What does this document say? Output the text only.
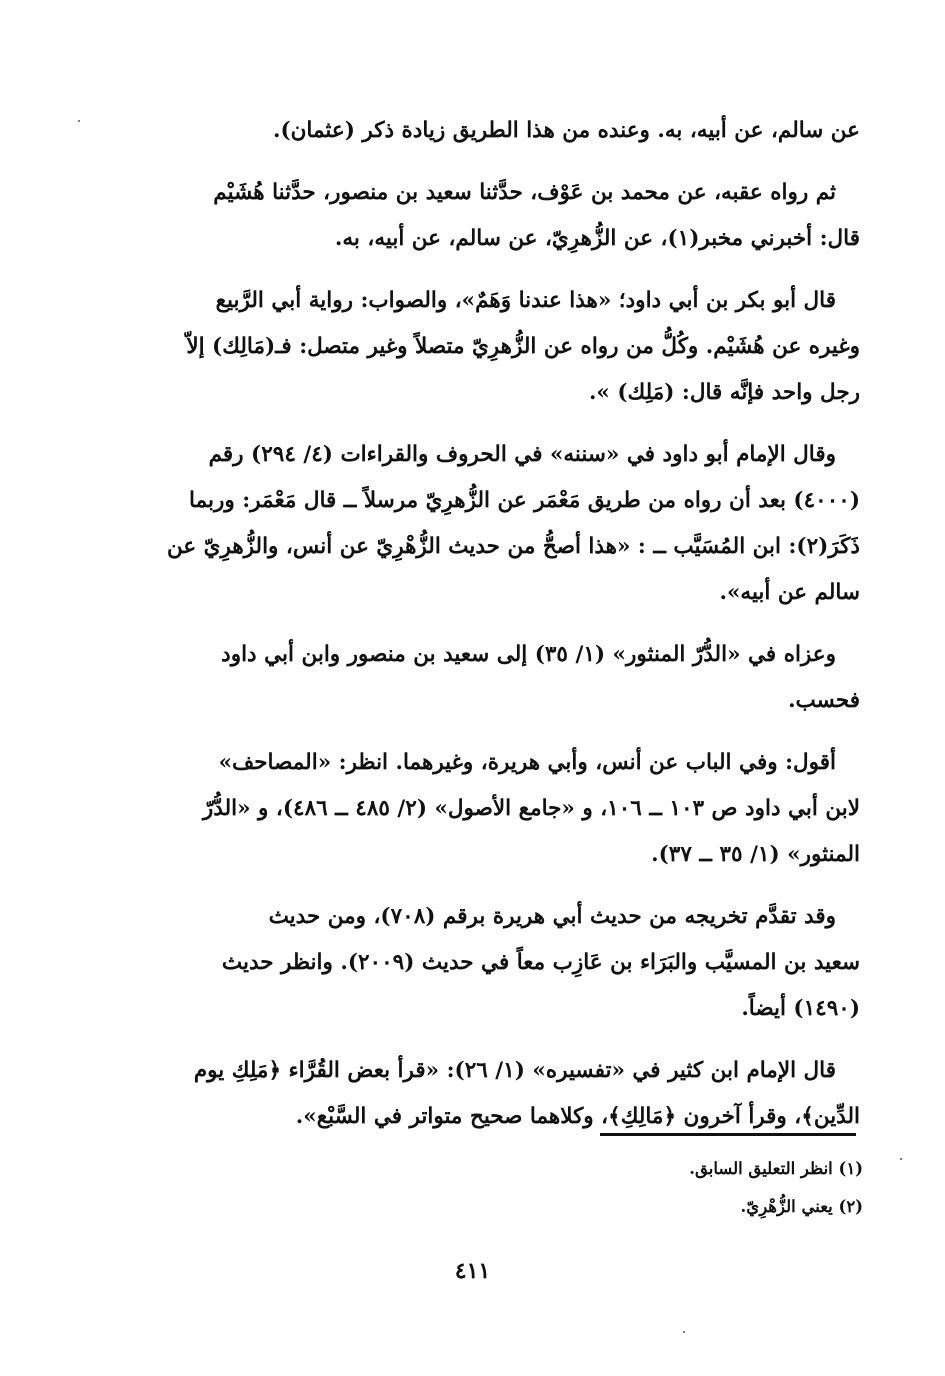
عن سالم، عن أبيه، به. وعنده من هذا الطريق زيادة ذكر (عثمان).
ثم رواه عقبه، عن محمد بن عَوْف، حدَّثنا سعيد بن منصور، حدَّثنا هُشَيْم
قال: أخبرني مخبر(١)، عن الزُّهرِيّ، عن سالم، عن أبيه، به.
قال أبو بكر بن أبي داود؛ «هذا عندنا وَهَمٌ»، والصواب: رواية أبي الرَّبيع
وغيره عن هُشَيْم. وكُلُّ من رواه عن الزُّهرِيّ متصلاً وغير متصل: فـ(مَالِك) إلاّ
رجل واحد فإنَّه قال: (مَلِك) ».
وقال الإمام أبو داود في «سننه» في الحروف والقراءات (٤/ ٢٩٤) رقم
(٤٠٠٠) بعد أن رواه من طريق مَعْمَر عن الزُّهرِيّ مرسلاً ــ قال مَعْمَر: وربما
ذَكَرَ(٢): ابن المُسَيَّب ــ : «هذا أصحُّ من حديث الزُّهْرِيّ عن أنس، والزُّهرِيّ عن
سالم عن أبيه».
وعزاه في «الدُّرّ المنثور» (١/ ٣٥) إلى سعيد بن منصور وابن أبي داود
فحسب.
أقول: وفي الباب عن أنس، وأبي هريرة، وغيرهما. انظر: «المصاحف»
لابن أبي داود ص ١٠٣ ــ ١٠٦، و «جامع الأصول» (٢/ ٤٨٥ ــ ٤٨٦)، و «الدُّرّ
المنثور» (١/ ٣٥ ــ ٣٧).
وقد تقدَّم تخريجه من حديث أبي هريرة برقم (٧٠٨)، ومن حديث
سعيد بن المسيَّب والبَرَاء بن عَازِب معاً في حديث (٢٠٠٩). وانظر حديث
(١٤٩٠) أيضاً.
قال الإمام ابن كثير في «تفسيره» (١/ ٢٦): «قرأ بعض القُرَّاء ﴿مَلِكِ يوم
الدِّين﴾، وقرأ آخرون ﴿مَالِكِ﴾، وكلاهما صحيح متواتر في السَّبْع».
(١) انظر التعليق السابق.
(٢) يعني الزُّهْرِيّ.
٤١١
